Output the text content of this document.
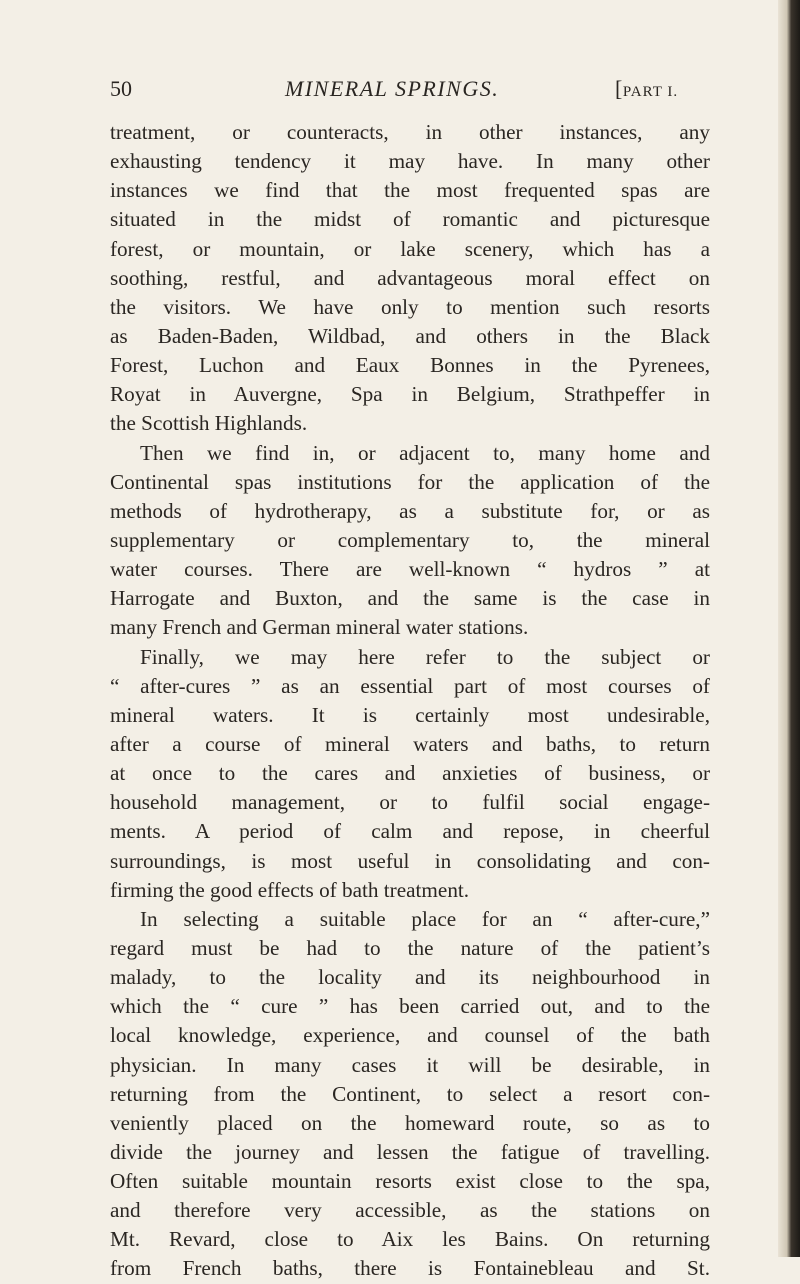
50	MINERAL SPRINGS.	[PART I.
treatment, or counteracts, in other instances, any
exhausting tendency it may have. In many other
instances we find that the most frequented spas are
situated in the midst of romantic and picturesque
forest, or mountain, or lake scenery, which has a
soothing, restful, and advantageous moral effect on
the visitors. We have only to mention such resorts
as Baden-Baden, Wildbad, and others in the Black
Forest, Luchon and Eaux Bonnes in the Pyrenees,
Royat in Auvergne, Spa in Belgium, Strathpeffer in
the Scottish Highlands.
Then we find in, or adjacent to, many home and
Continental spas institutions for the application of the
methods of hydrotherapy, as a substitute for, or as
supplementary or complementary to, the mineral
water courses. There are well-known “ hydros ” at
Harrogate and Buxton, and the same is the case in
many French and German mineral water stations.
Finally, we may here refer to the subject or
“ after-cures ” as an essential part of most courses of
mineral waters. It is certainly most undesirable,
after a course of mineral waters and baths, to return
at once to the cares and anxieties of business, or
household management, or to fulfil social engage-
ments. A period of calm and repose, in cheerful
surroundings, is most useful in consolidating and con-
firming the good effects of bath treatment.
In selecting a suitable place for an “ after-cure,”
regard must be had to the nature of the patient’s
malady, to the locality and its neighbourhood in
which the “ cure ” has been carried out, and to the
local knowledge, experience, and counsel of the bath
physician. In many cases it will be desirable, in
returning from the Continent, to select a resort con-
veniently placed on the homeward route, so as to
divide the journey and lessen the fatigue of travelling.
Often suitable mountain resorts exist close to the spa,
and therefore very accessible, as the stations on
Mt. Revard, close to Aix les Bains. On returning
from French baths, there is Fontainebleau and St.
